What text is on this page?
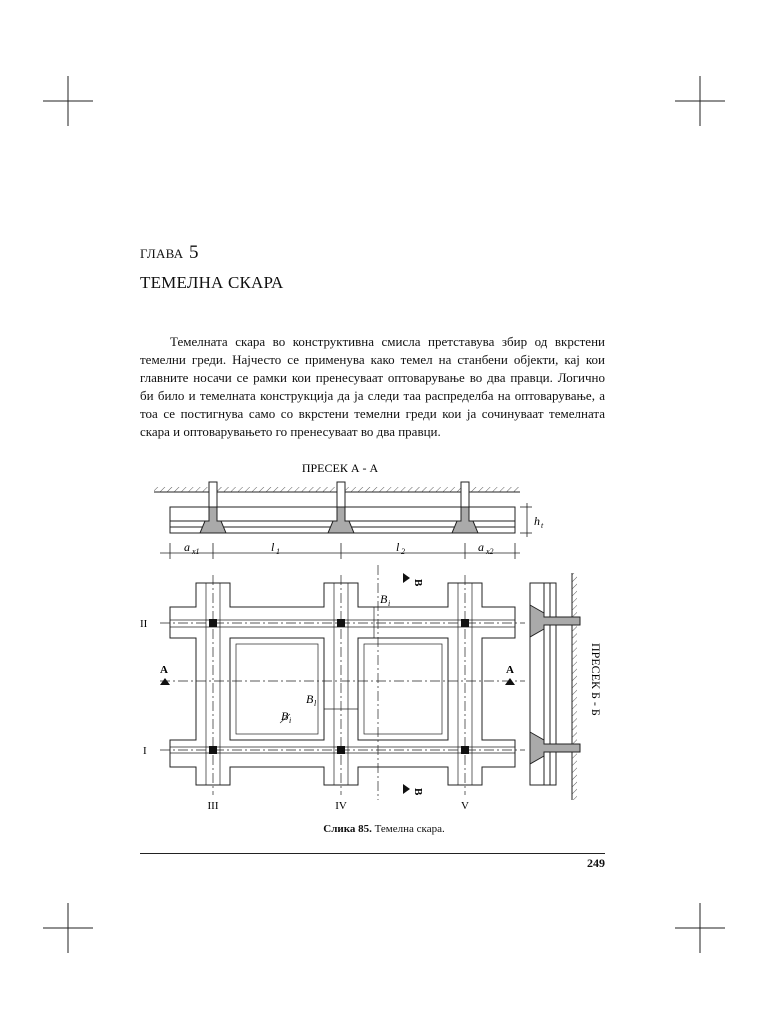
ГЛАВА 5
ТЕМЕЛНА СКАРА

Темелната скара во конструктивна смисла претставува збир од вкрстени темелни греди. Најчесто се применува како темел на станбени објекти, кај кои главните носачи се рамки кои пренесуваат оптоварување во два правци. Логично би било и темелната конструкција да ја следи таа распределба на оптоварување, а тоа се постигнува само со вкрстени темелни греди кои ја сочинуваат темелната скара и оптоварувањето го пренесуваат во два правци.

ПРЕСЕК А - А
h t
a x1	l 1	l 2	a x2
II
I
III	IV	V
A	A
B
B
B i
B l
B i
ПРЕСЕК Б - Б
Слика 85. Темелна скара.
249
